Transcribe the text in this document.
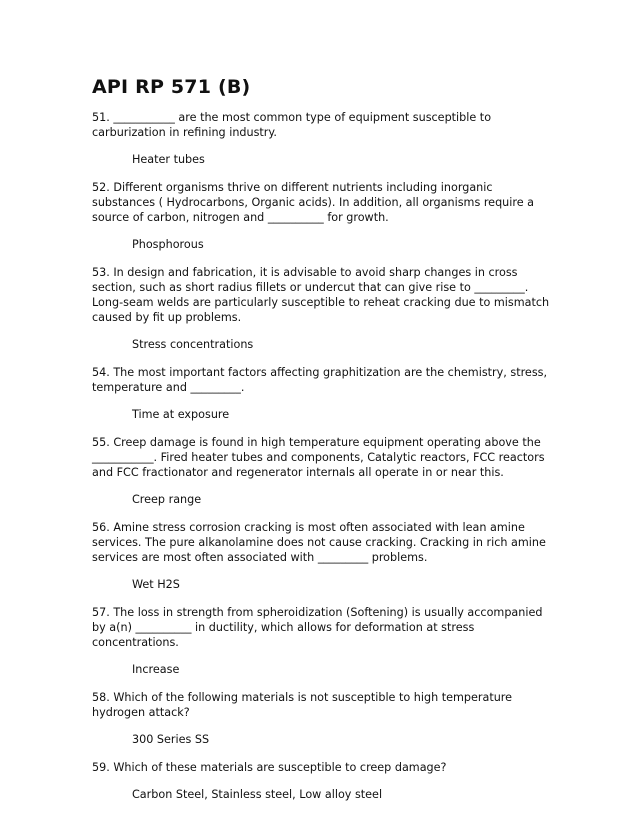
API RP 571 (B)

51. ___________ are the most common type of equipment susceptible to carburization in refining industry.

Heater tubes

52. Different organisms thrive on different nutrients including inorganic substances ( Hydrocarbons, Organic acids). In addition, all organisms require a source of carbon, nitrogen and __________ for growth.

Phosphorous

53. In design and fabrication, it is advisable to avoid sharp changes in cross section, such as short radius fillets or undercut that can give rise to _________. Long-seam welds are particularly susceptible to reheat cracking due to mismatch caused by fit up problems.

Stress concentrations

54. The most important factors affecting graphitization are the chemistry, stress, temperature and _________.

Time at exposure

55. Creep damage is found in high temperature equipment operating above the ___________. Fired heater tubes and components, Catalytic reactors, FCC reactors and FCC fractionator and regenerator internals all operate in or near this.

Creep range

56. Amine stress corrosion cracking is most often associated with lean amine services. The pure alkanolamine does not cause cracking. Cracking in rich amine services are most often associated with _________ problems.

Wet H2S

57. The loss in strength from spheroidization (Softening) is usually accompanied by a(n) __________ in ductility, which allows for deformation at stress concentrations.

Increase

58. Which of the following materials is not susceptible to high temperature hydrogen attack?

300 Series SS

59. Which of these materials are susceptible to creep damage?

Carbon Steel, Stainless steel, Low alloy steel
